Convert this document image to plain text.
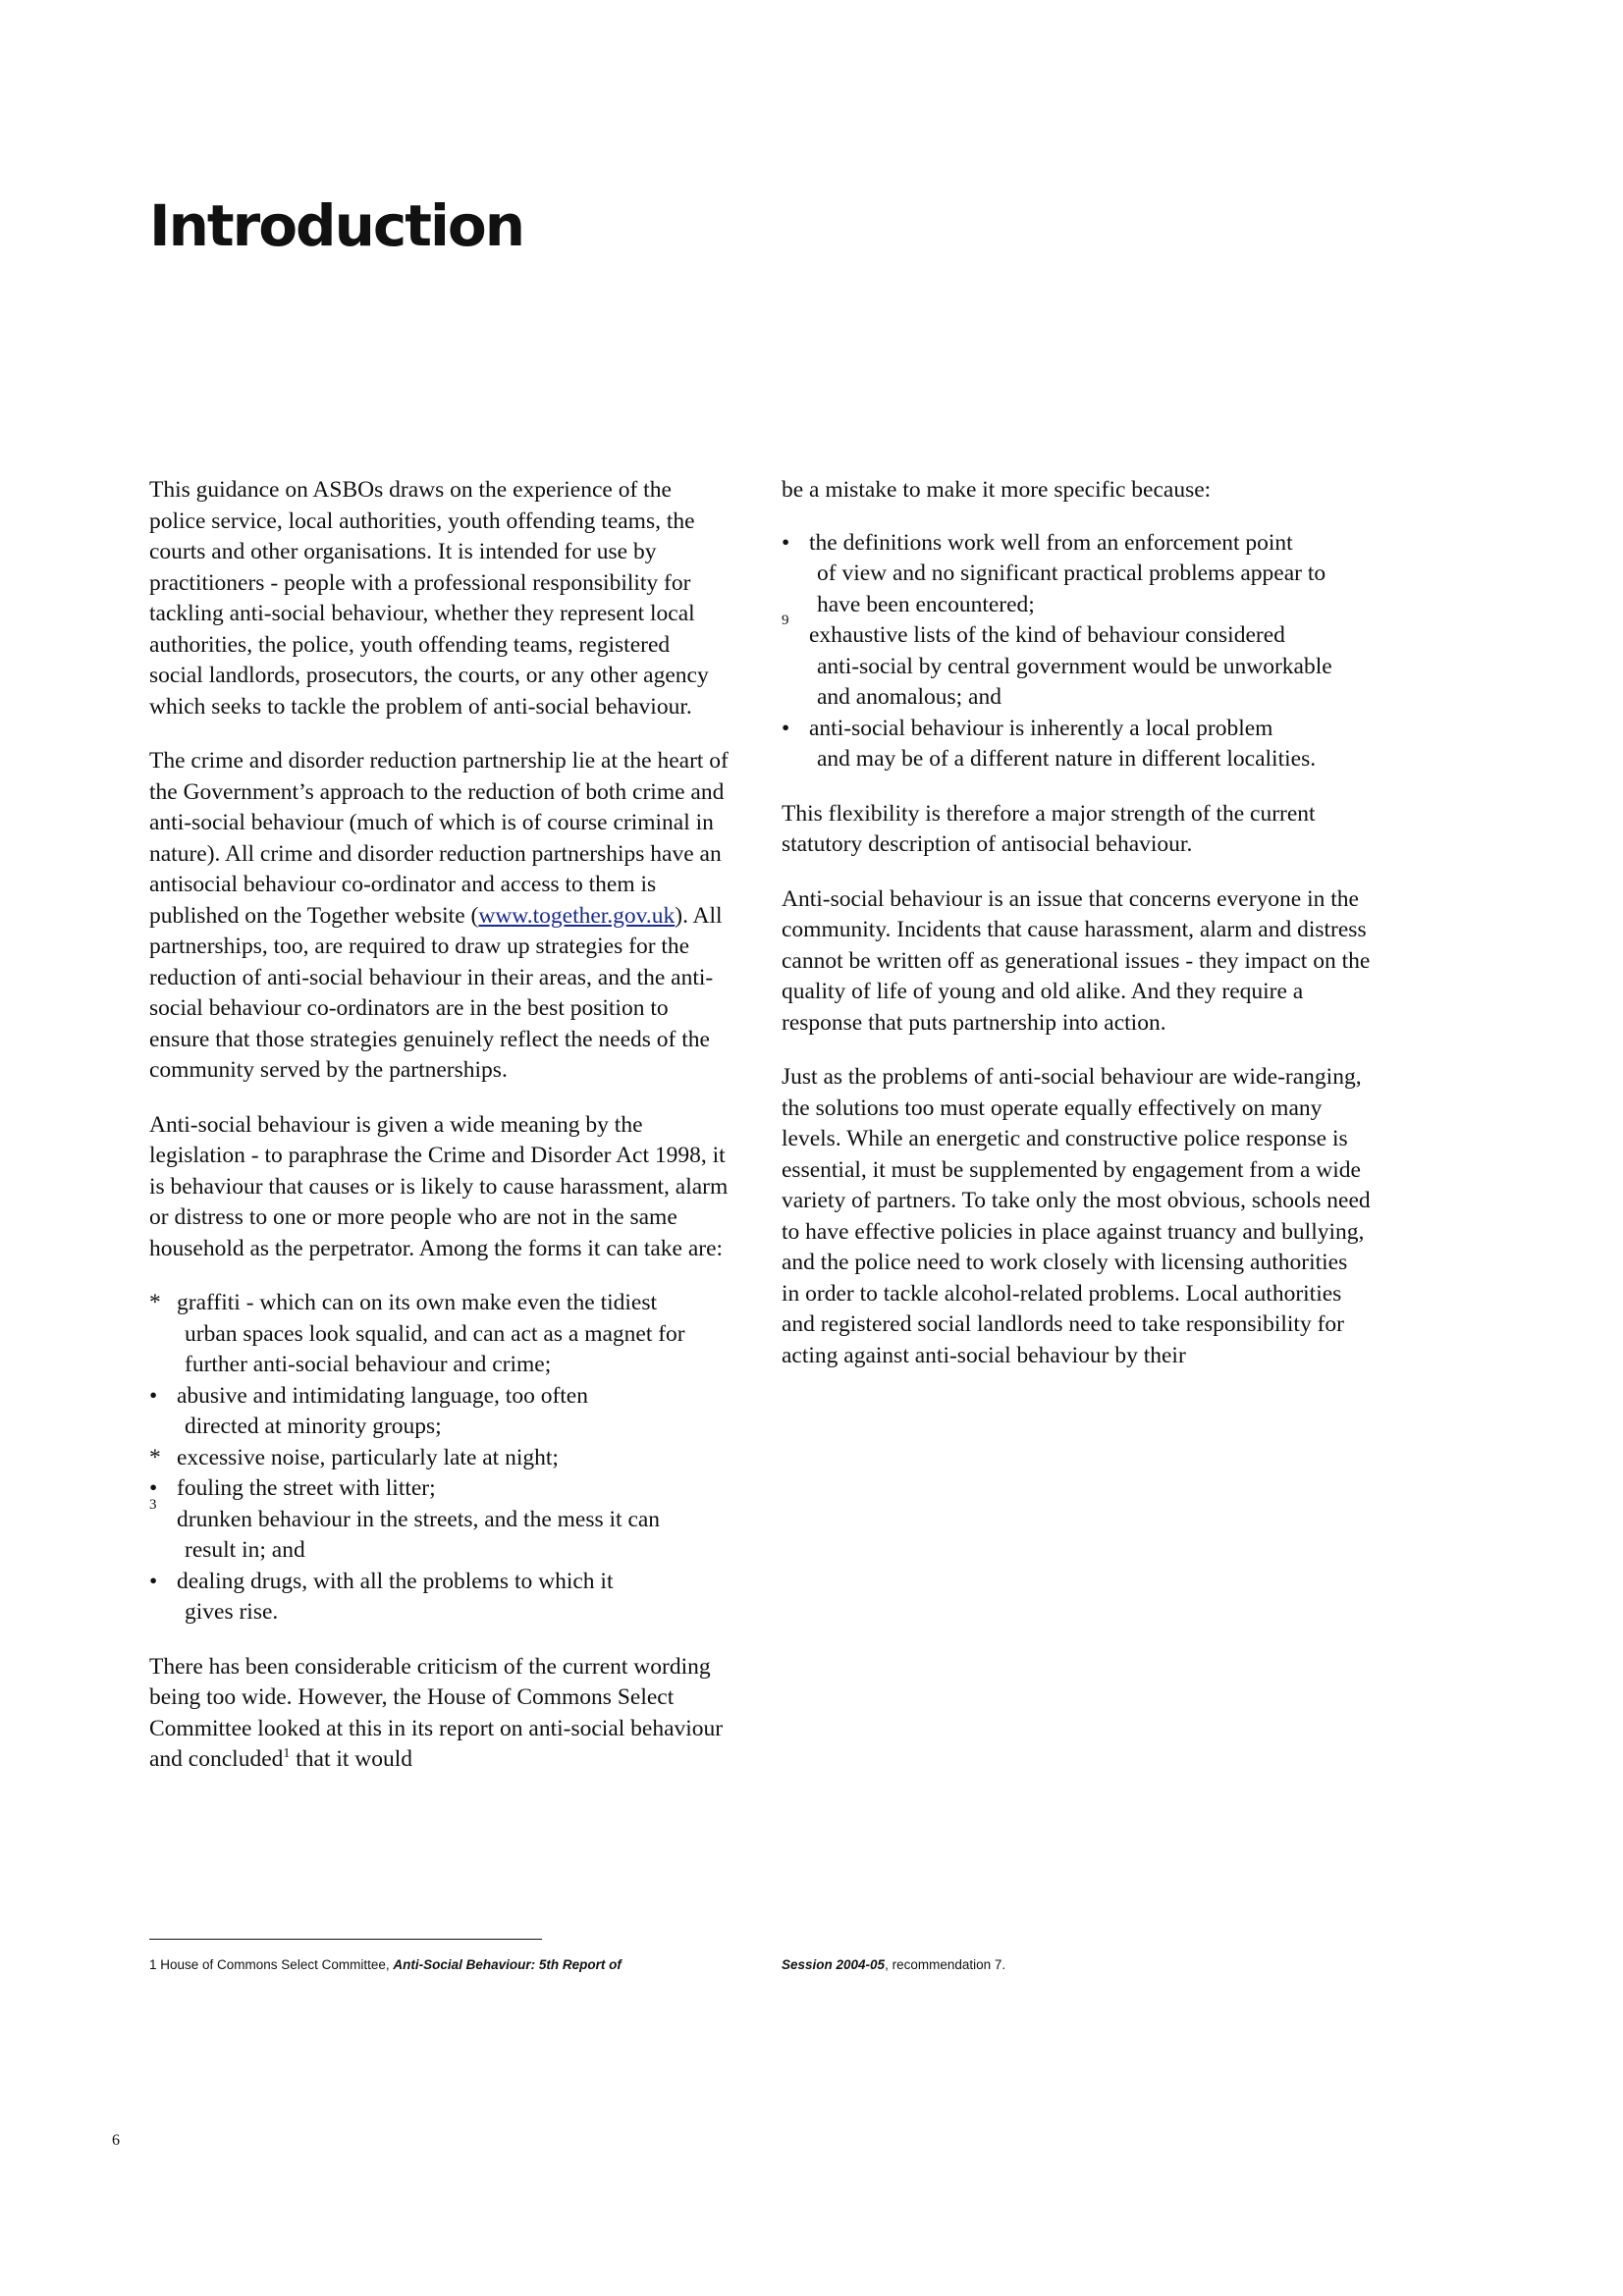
Introduction

This guidance on ASBOs draws on the experience of the police service, local authorities, youth offending teams, the courts and other organisations. It is intended for use by practitioners - people with a professional responsibility for tackling anti-social behaviour, whether they represent local authorities, the police, youth offending teams, registered social landlords, prosecutors, the courts, or any other agency which seeks to tackle the problem of anti-social behaviour.

The crime and disorder reduction partnership lie at the heart of the Government’s approach to the reduction of both crime and anti-social behaviour (much of which is of course criminal in nature). All crime and disorder reduction partnerships have an antisocial behaviour co-ordinator and access to them is published on the Together website (www.together.gov.uk). All partnerships, too, are required to draw up strategies for the reduction of anti-social behaviour in their areas, and the anti-social behaviour co-ordinators are in the best position to ensure that those strategies genuinely reflect the needs of the community served by the partnerships.

Anti-social behaviour is given a wide meaning by the legislation - to paraphrase the Crime and Disorder Act 1998, it is behaviour that causes or is likely to cause harassment, alarm or distress to one or more people who are not in the same household as the perpetrator. Among the forms it can take are:

* graffiti - which can on its own make even the tidiest
urban spaces look squalid, and can act as a magnet for further anti-social behaviour and crime;
• abusive and intimidating language, too often
directed at minority groups;
* excessive noise, particularly late at night;
• fouling the street with litter;
3
drunken behaviour in the streets, and the mess it can
result in; and
• dealing drugs, with all the problems to which it
gives rise.

There has been considerable criticism of the current wording being too wide. However, the House of Commons Select Committee looked at this in its report on anti-social behaviour and concluded$^1$ that it would

be a mistake to make it more specific because:

• the definitions work well from an enforcement point
of view and no significant practical problems appear to have been encountered;
9
exhaustive lists of the kind of behaviour considered
anti-social by central government would be unworkable and anomalous; and
• anti-social behaviour is inherently a local problem
and may be of a different nature in different localities.

This flexibility is therefore a major strength of the current statutory description of antisocial behaviour.

Anti-social behaviour is an issue that concerns everyone in the community. Incidents that cause harassment, alarm and distress cannot be written off as generational issues - they impact on the quality of life of young and old alike. And they require a response that puts partnership into action.

Just as the problems of anti-social behaviour are wide-ranging, the solutions too must operate equally effectively on many levels. While an energetic and constructive police response is essential, it must be supplemented by engagement from a wide variety of partners. To take only the most obvious, schools need to have effective policies in place against truancy and bullying, and the police need to work closely with licensing authorities in order to tackle alcohol-related problems. Local authorities and registered social landlords need to take responsibility for acting against anti-social behaviour by their

1 House of Commons Select Committee, Anti-Social Behaviour: 5th Report of	Session 2004-05, recommendation 7.
6
